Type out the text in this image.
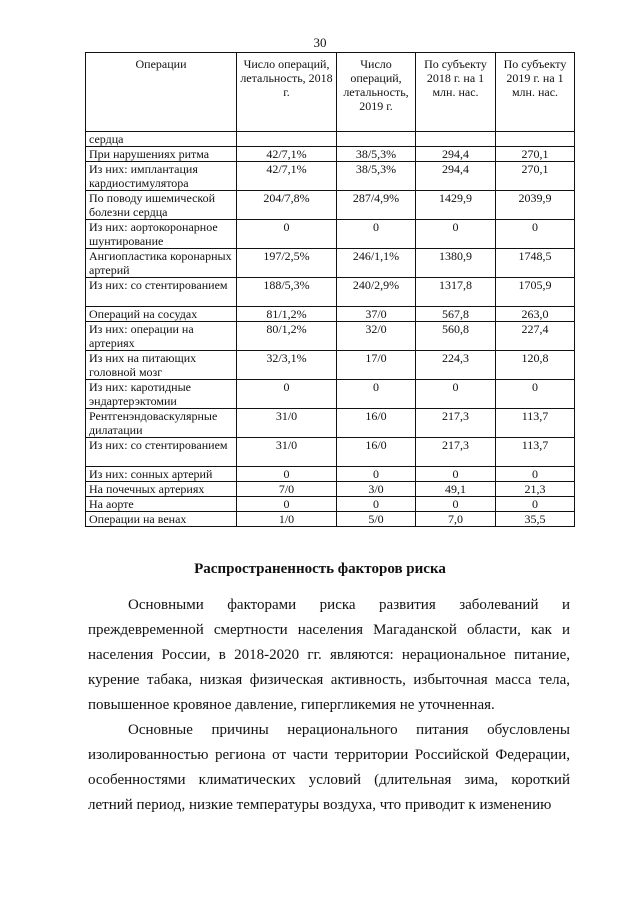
30
Операции	Число операций, летальность, 2018 г.	Число операций, летальность, 2019 г.	По субъекту 2018 г. на 1 млн. нас.	По субъекту 2019 г. на 1 млн. нас.
сердца				
При нарушениях ритма	42/7,1%	38/5,3%	294,4	270,1
Из них: имплантация кардиостимулятора	42/7,1%	38/5,3%	294,4	270,1
По поводу ишемической болезни сердца	204/7,8%	287/4,9%	1429,9	2039,9
Из них: аортокоронарное шунтирование	0	0	0	0
Ангиопластика коронарных артерий	197/2,5%	246/1,1%	1380,9	1748,5
Из них: со стентированием	188/5,3%	240/2,9%	1317,8	1705,9
Операций на сосудах	81/1,2%	37/0	567,8	263,0
Из них: операции на артериях	80/1,2%	32/0	560,8	227,4
Из них на питающих головной мозг	32/3,1%	17/0	224,3	120,8
Из них: каротидные эндартерэктомии	0	0	0	0
Рентгенэндоваскулярные дилатации	31/0	16/0	217,3	113,7
Из них: со стентированием	31/0	16/0	217,3	113,7
Из них: сонных артерий	0	0	0	0
На почечных артериях	7/0	3/0	49,1	21,3
На аорте	0	0	0	0
Операции на венах	1/0	5/0	7,0	35,5
Распространенность факторов риска

Основными факторами риска развития заболеваний и преждевременной смертности населения Магаданской области, как и населения России, в 2018-2020 гг. являются: нерациональное питание, курение табака, низкая физическая активность, избыточная масса тела, повышенное кровяное давление, гипергликемия не уточненная.

Основные причины нерационального питания обусловлены изолированностью региона от части территории Российской Федерации, особенностями климатических условий (длительная зима, короткий летний период, низкие температуры воздуха, что приводит к изменению
